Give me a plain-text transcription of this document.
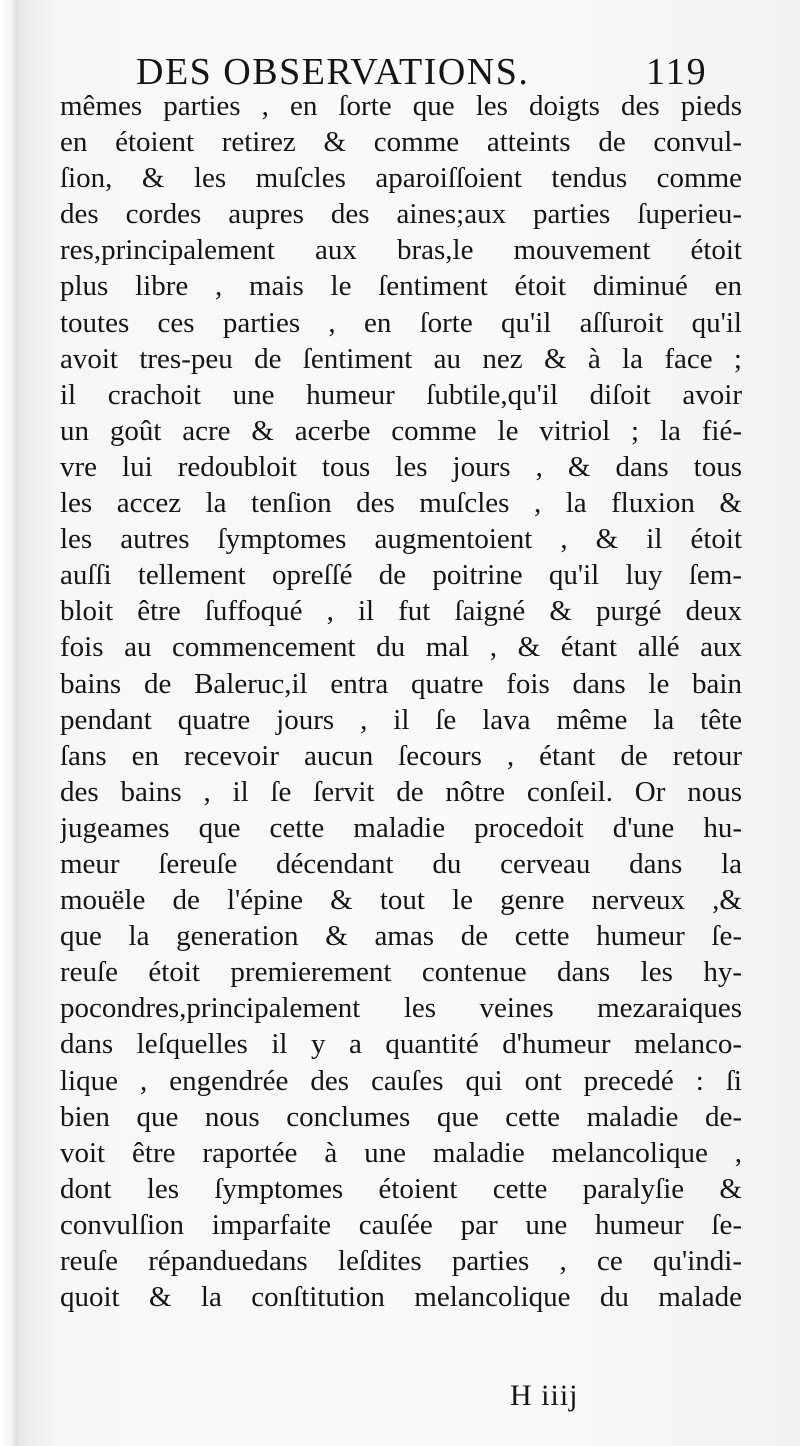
DES OBSERVATIONS.	119
mêmes parties , en ſorte que les doigts des pieds
en étoient retirez & comme atteints de convul-
ſion, & les muſcles aparoiſſoient tendus comme
des cordes aupres des aines;aux parties ſuperieu-
res,principalement aux bras,le mouvement étoit
plus libre , mais le ſentiment étoit diminué en
toutes ces parties , en ſorte qu'il aſſuroit qu'il
avoit tres-peu de ſentiment au nez & à la face ;
il crachoit une humeur ſubtile,qu'il diſoit avoir
un goût acre & acerbe comme le vitriol ; la fié-
vre lui redoubloit tous les jours , & dans tous
les accez la tenſion des muſcles , la fluxion &
les autres ſymptomes augmentoient , & il étoit
auſſi tellement opreſſé de poitrine qu'il luy ſem-
bloit être ſuffoqué , il fut ſaigné & purgé deux
fois au commencement du mal , & étant allé aux
bains de Baleruc,il entra quatre fois dans le bain
pendant quatre jours , il ſe lava même la tête
ſans en recevoir aucun ſecours , étant de retour
des bains , il ſe ſervit de nôtre conſeil. Or nous
jugeames que cette maladie procedoit d'une hu-
meur ſereuſe décendant du cerveau dans la
mouële de l'épine & tout le genre nerveux ,&
que la generation & amas de cette humeur ſe-
reuſe étoit premierement contenue dans les hy-
pocondres,principalement les veines mezaraiques
dans leſquelles il y a quantité d'humeur melanco-
lique , engendrée des cauſes qui ont precedé : ſi
bien que nous conclumes que cette maladie de-
voit être raportée à une maladie melancolique ,
dont les ſymptomes étoient cette paralyſie &
convulſion imparfaite cauſée par une humeur ſe-
reuſe répanduedans leſdites parties , ce qu'indi-
quoit & la conſtitution melancolique du malade
H iiij
